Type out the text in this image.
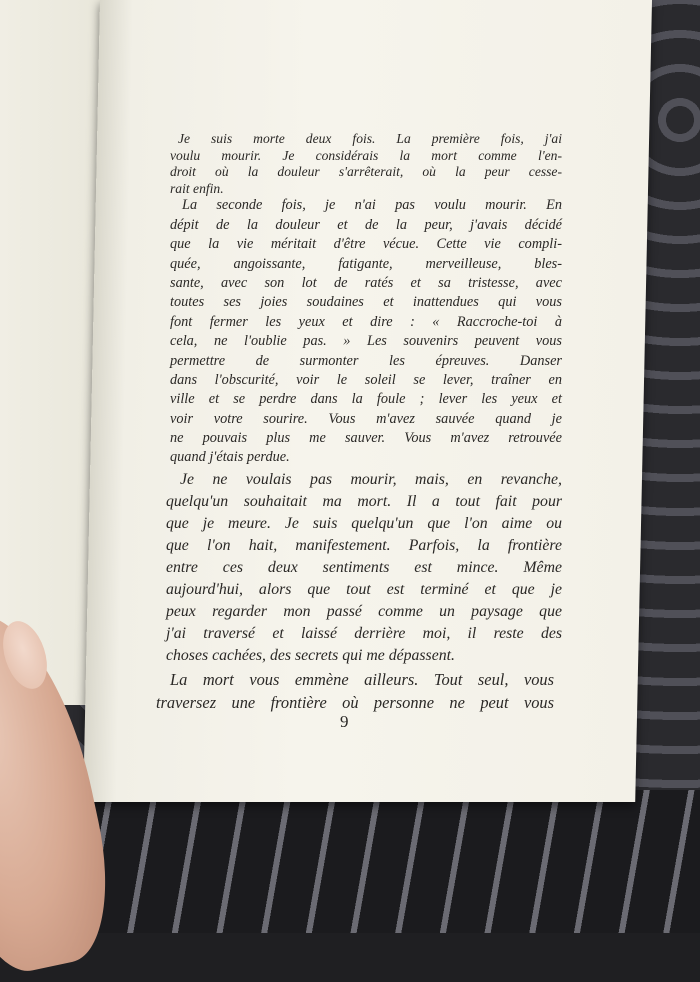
Je suis morte deux fois. La première fois, j'ai
voulu mourir. Je considérais la mort comme l'en-
droit où la douleur s'arrêterait, où la peur cesse-
rait enfin.
La seconde fois, je n'ai pas voulu mourir. En
dépit de la douleur et de la peur, j'avais décidé
que la vie méritait d'être vécue. Cette vie compli-
quée, angoissante, fatigante, merveilleuse, bles-
sante, avec son lot de ratés et sa tristesse, avec
toutes ses joies soudaines et inattendues qui vous
font fermer les yeux et dire : « Raccroche-toi à
cela, ne l'oublie pas. » Les souvenirs peuvent vous
permettre de surmonter les épreuves. Danser
dans l'obscurité, voir le soleil se lever, traîner en
ville et se perdre dans la foule ; lever les yeux et
voir votre sourire. Vous m'avez sauvée quand je
ne pouvais plus me sauver. Vous m'avez retrouvée
quand j'étais perdue.
Je ne voulais pas mourir, mais, en revanche,
quelqu'un souhaitait ma mort. Il a tout fait pour
que je meure. Je suis quelqu'un que l'on aime ou
que l'on hait, manifestement. Parfois, la frontière
entre ces deux sentiments est mince. Même
aujourd'hui, alors que tout est terminé et que je
peux regarder mon passé comme un paysage que
j'ai traversé et laissé derrière moi, il reste des
choses cachées, des secrets qui me dépassent.
La mort vous emmène ailleurs. Tout seul, vous
traversez une frontière où personne ne peut vous
9
